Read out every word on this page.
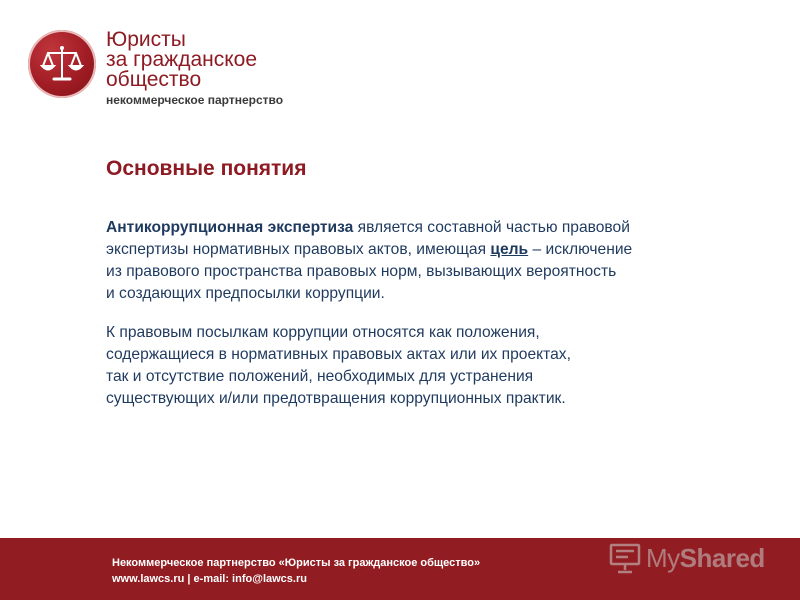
Юристы
за гражданское
общество
некоммерческое партнерство
Основные понятия

Антикоррупционная экспертиза является составной частью правовой
экспертизы нормативных правовых актов, имеющая цель – исключение
из правового пространства правовых норм, вызывающих вероятность
и создающих предпосылки коррупции.

К правовым посылкам коррупции относятся как положения,
содержащиеся в нормативных правовых актах или их проектах,
так и отсутствие положений, необходимых для устранения
существующих и/или предотвращения коррупционных практик.

Некоммерческое партнерство «Юристы за гражданское общество»
www.lawcs.ru | e-mail: info@lawcs.ru
MyShared
